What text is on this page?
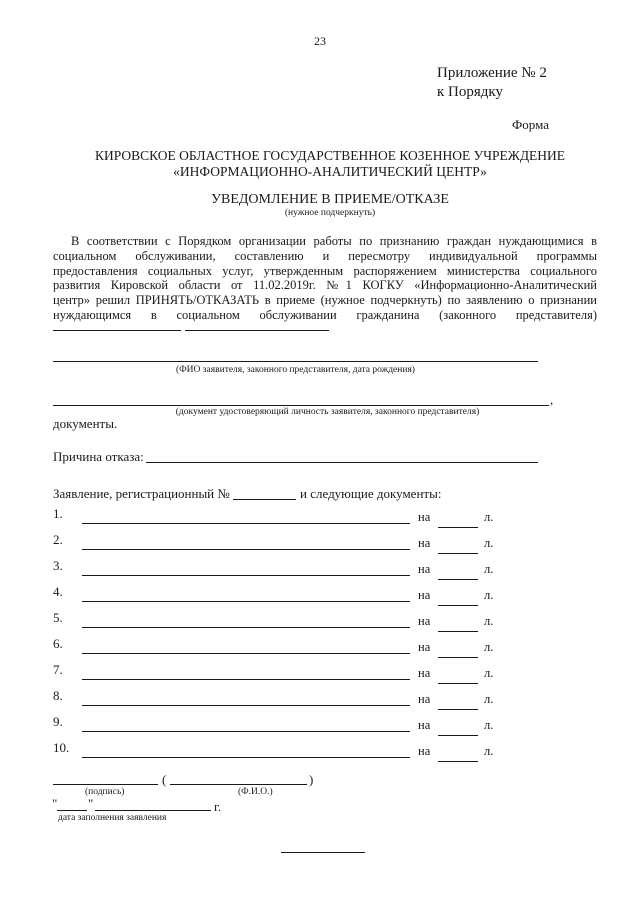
23
Приложение № 2
к Порядку
Форма
КИРОВСКОЕ ОБЛАСТНОЕ ГОСУДАРСТВЕННОЕ КОЗЕННОЕ УЧРЕЖДЕНИЕ
«ИНФОРМАЦИОННО-АНАЛИТИЧЕСКИЙ ЦЕНТР»
УВЕДОМЛЕНИЕ В ПРИЕМЕ/ОТКАЗЕ
(нужное подчеркнуть)
В соответствии с Порядком организации работы по признанию граждан нуждающимися в
социальном обслуживании, составлению и пересмотру индивидуальной программы
предоставления социальных услуг, утвержденным распоряжением министерства социального
развития Кировской области от 11.02.2019г. №1 КОГКУ «Информационно-Аналитический
центр» решил ПРИНЯТЬ/ОТКАЗАТЬ в приеме (нужное подчеркнуть) по заявлению о признании
нуждающимся в социальном обслуживании гражданина (законного представителя)
(ФИО заявителя, законного представителя, дата рождения)
,
(документ удостоверяющий личность заявителя, законного представителя)
документы.
Причина отказа:
Заявление, регистрационный №	и следующие документы:
1.	на	л.
2.	на	л.
3.	на	л.
4.	на	л.
5.	на	л.
6.	на	л.
7.	на	л.
8.	на	л.
9.	на	л.
10.	на	л.
(	)
(подпись)	(Ф.И.О.)
" "	г.
дата заполнения заявления
